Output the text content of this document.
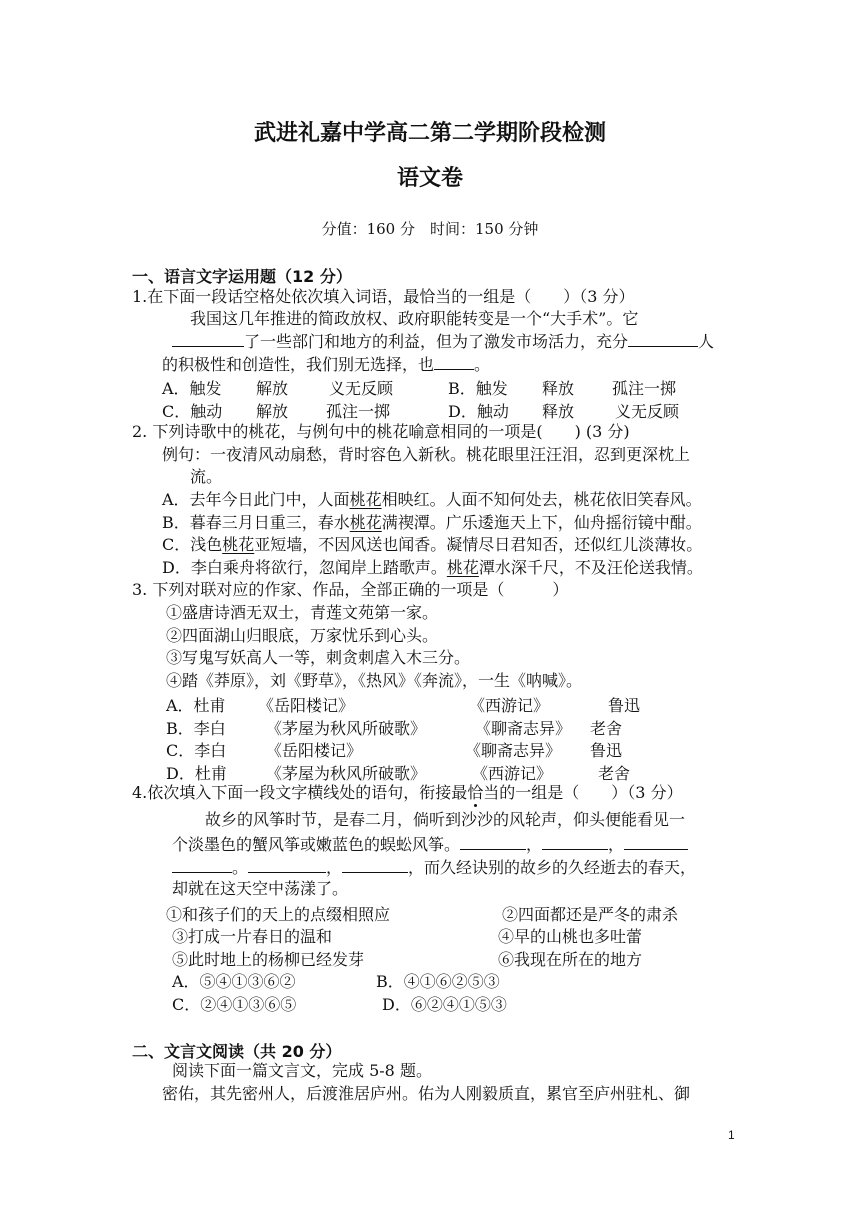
武进礼嘉中学高二第二学期阶段检测
语文卷
分值：160 分　时间：150 分钟
一、语言文字运用题（12 分）
1.在下面一段话空格处依次填入词语，最恰当的一组是（　　）（3 分）
我国这几年推进的简政放权、政府职能转变是一个“大手术”。它
了一些部门和地方的利益，但为了激发市场活力，充分	人
的积极性和创造性，我们别无选择，也	。
A．触发 解放	义无反顾	B．触发 释放 孤注一掷
C．触动 解放 孤注一掷	D．触动 释放	义无反顾
2. 下列诗歌中的桃花，与例句中的桃花喻意相同的一项是(　　) (3 分)
例句：一夜清风动扇愁，背时容色入新秋。桃花眼里汪汪泪，忍到更深枕上
流。
A．去年今日此门中，人面桃花相映红。人面不知何处去，桃花依旧笑春风。
B．暮春三月日重三，春水桃花满禊潭。广乐逶迤天上下，仙舟摇衍镜中酣。
C．浅色桃花亚短墙，不因风送也闻香。凝情尽日君知否，还似红儿淡薄妆。
D．李白乘舟将欲行，忽闻岸上踏歌声。桃花潭水深千尺，不及汪伦送我情。
3. 下列对联对应的作家、作品，全部正确的一项是（　　　）
①盛唐诗酒无双士，青莲文苑第一家。
②四面湖山归眼底，万家忧乐到心头。
③写鬼写妖高人一等，刺贪刺虐入木三分。
④踏《莽原》，刘《野草》，《热风》《奔流》，一生《呐喊》。
A．杜甫 《岳阳楼记》	《西游记》	鲁迅
B．李白	《茅屋为秋风所破歌》	《聊斋志异》 老舍
C．李白 《岳阳楼记》	《聊斋志异》 鲁迅
D．杜甫 《茅屋为秋风所破歌》	《西游记》	老舍
4.依次填入下面一段文字横线处的语句，衔接最恰当的一组是（　　）（3 分）
故乡的风筝时节，是春二月，倘听到沙沙的风轮声，仰头便能看见一
个淡墨色的蟹风筝或嫩蓝色的蜈蚣风筝。	，	，
。	，	，而久经诀别的故乡的久经逝去的春天，
却就在这天空中荡漾了。
①和孩子们的天上的点缀相照应	②四面都还是严冬的肃杀
③打成一片春日的温和	④早的山桃也多吐蕾
⑤此时地上的杨柳已经发芽	⑥我现在所在的地方
A．⑤④①③⑥②	B．④①⑥②⑤③
C．②④①③⑥⑤	D．⑥②④①⑤③
二、文言文阅读（共 20 分）
阅读下面一篇文言文，完成 5-8 题。
密佑，其先密州人，后渡淮居庐州。佑为人刚毅质直，累官至庐州驻札、御
1
